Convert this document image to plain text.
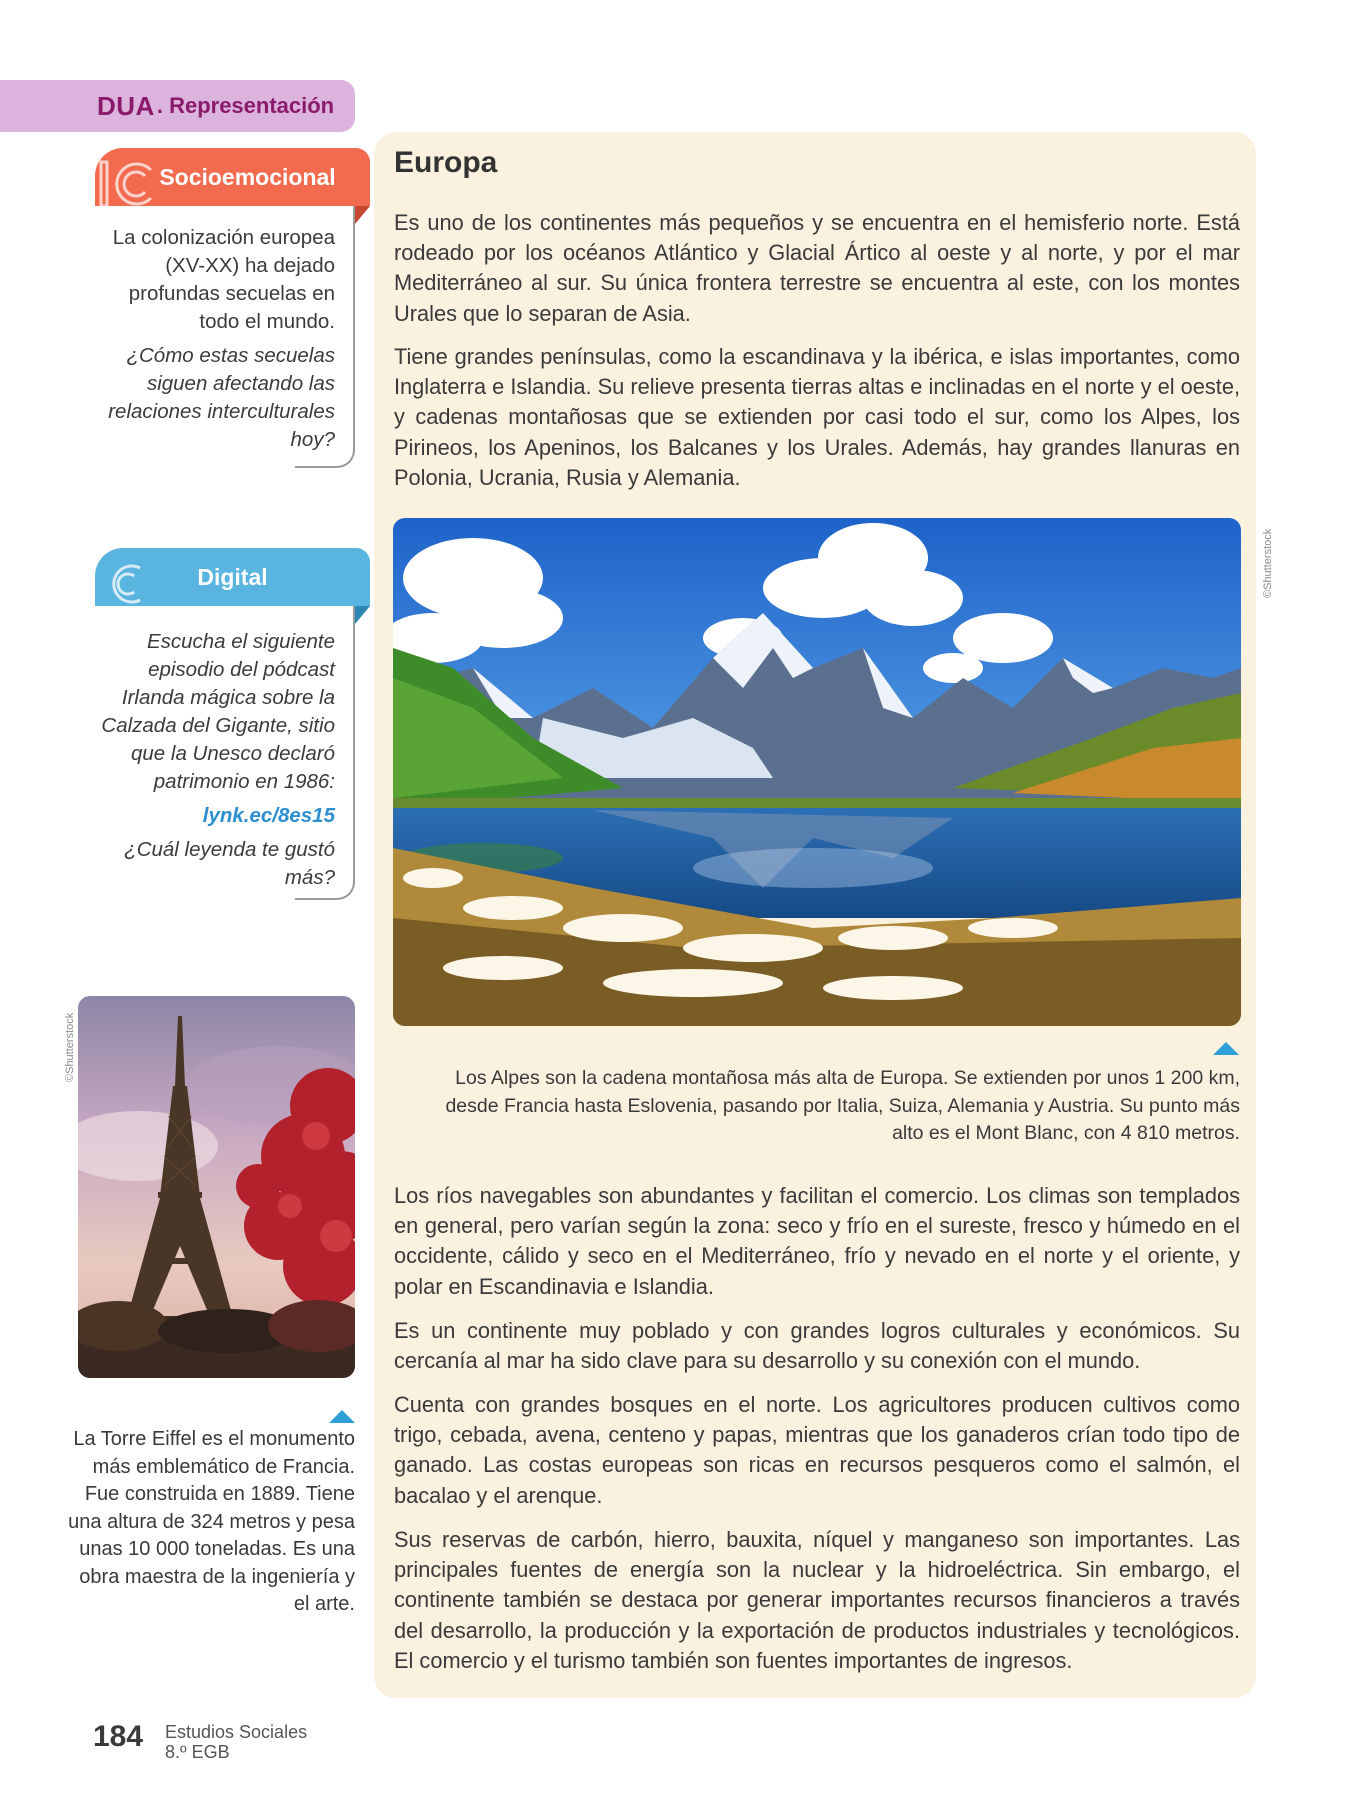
DUA . Representación
Socioemocional

La colonización europea

(XV-XX) ha dejado

profundas secuelas en

todo el mundo.

¿Cómo estas secuelas

siguen afectando las

relaciones interculturales

hoy?

Digital

Escucha el siguiente

episodio del pódcast

Irlanda mágica sobre la

Calzada del Gigante, sitio

que la Unesco declaró

patrimonio en 1986:

lynk.ec/8es15

¿Cuál leyenda te gustó

más?

©Shutterstock
La Torre Eiffel es el monumento
más emblemático de Francia.
Fue construida en 1889. Tiene
una altura de 324 metros y pesa
unas 10 000 toneladas. Es una
obra maestra de la ingeniería y
el arte.
Europa
Es uno de los continentes más pequeños y se encuentra en el hemisferio norte. Está rodeado por los océanos Atlántico y Glacial Ártico al oeste y al norte, y por el mar Mediterráneo al sur. Su única frontera terrestre se encuentra al este, con los montes Urales que lo separan de Asia.
Tiene grandes penínsulas, como la escandinava y la ibérica, e islas importantes, como Inglaterra e Islandia. Su relieve presenta tierras altas e inclinadas en el norte y el oeste, y cadenas montañosas que se extienden por casi todo el sur, como los Alpes, los Pirineos, los Apeninos, los Balcanes y los Urales. Además, hay grandes llanuras en Polonia, Ucrania, Rusia y Alemania.
©Shutterstock
Los Alpes son la cadena montañosa más alta de Europa. Se extienden por unos 1 200 km,
desde Francia hasta Eslovenia, pasando por Italia, Suiza, Alemania y Austria. Su punto más
alto es el Mont Blanc, con 4 810 metros.
Los ríos navegables son abundantes y facilitan el comercio. Los climas son templados en general, pero varían según la zona: seco y frío en el sureste, fresco y húmedo en el occidente, cálido y seco en el Mediterráneo, frío y nevado en el norte y el oriente, y polar en Escandinavia e Islandia.
Es un continente muy poblado y con grandes logros culturales y económicos. Su cercanía al mar ha sido clave para su desarrollo y su conexión con el mundo.
Cuenta con grandes bosques en el norte. Los agricultores producen cultivos como trigo, cebada, avena, centeno y papas, mientras que los ganaderos crían todo tipo de ganado. Las costas europeas son ricas en recursos pesqueros como el salmón, el bacalao y el arenque.
Sus reservas de carbón, hierro, bauxita, níquel y manganeso son importantes. Las principales fuentes de energía son la nuclear y la hidroeléctrica. Sin embargo, el continente también se destaca por generar importantes recursos financieros a través del desarrollo, la producción y la exportación de productos industriales y tecnológicos. El comercio y el turismo también son fuentes importantes de ingresos.
184 Estudios Sociales
8.º EGB
